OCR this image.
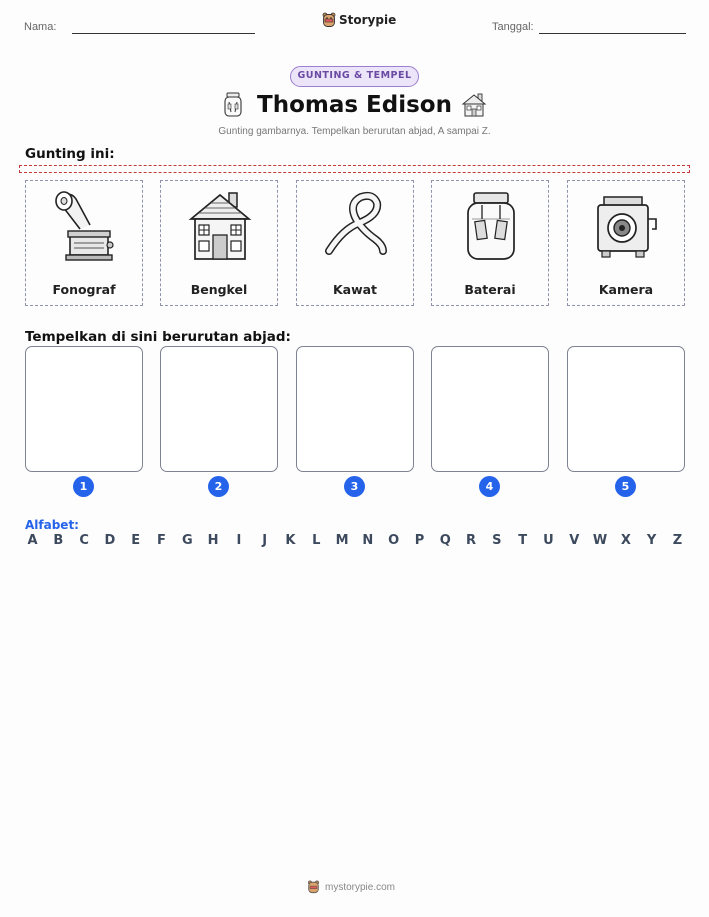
Nama:	Storypie	Tanggal:
GUNTING & TEMPEL
Thomas Edison
Gunting gambarnya. Tempelkan berurutan abjad, A sampai Z.
Gunting ini:
Fonograf	Bengkel	Kawat	Baterai	Kamera
Tempelkan di sini berurutan abjad:
1	2	3	4	5
Alfabet:
A B C D E F G H	I	J	K L M N O P Q R S T U V W X Y Z
mystorypie.com
